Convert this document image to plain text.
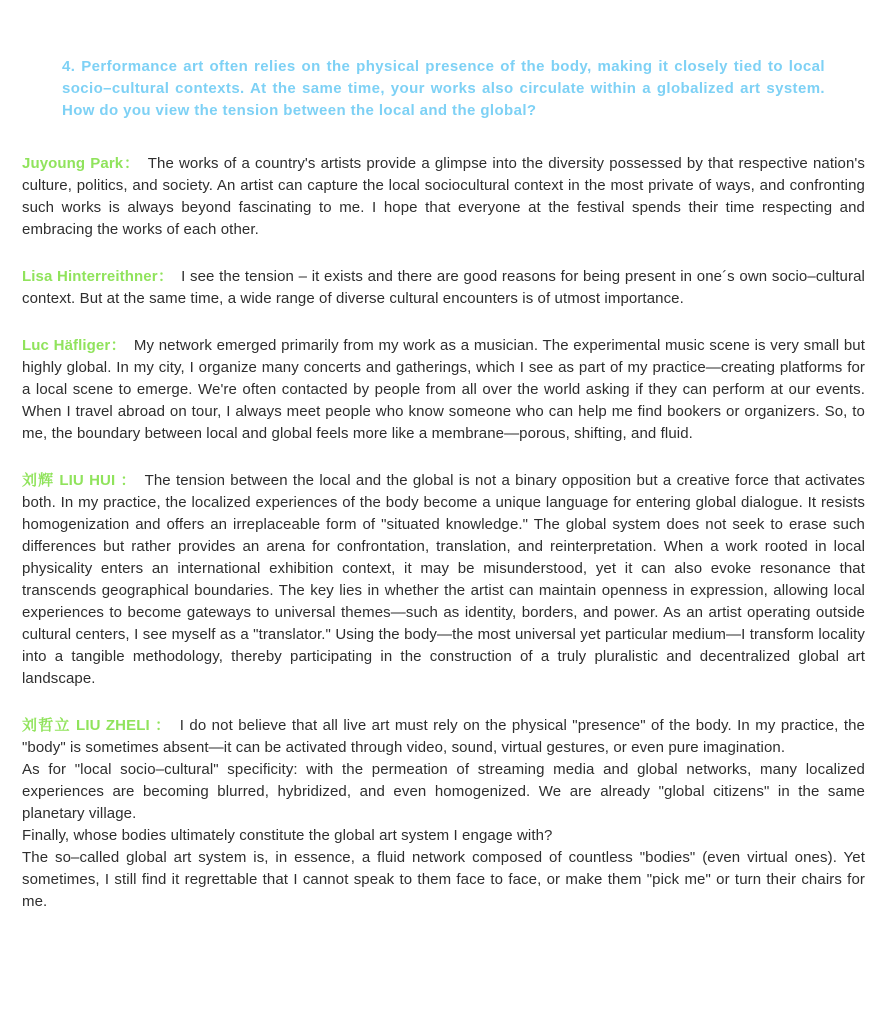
4. Performance art often relies on the physical presence of the body, making it closely tied to local socio–cultural contexts. At the same time, your works also circulate within a globalized art system. How do you view the tension between the local and the global?

Juyoung Park： The works of a country's artists provide a glimpse into the diversity possessed by that respective nation's culture, politics, and society. An artist can capture the local sociocultural context in the most private of ways, and confronting such works is always beyond fascinating to me. I hope that everyone at the festival spends their time respecting and embracing the works of each other.

Lisa Hinterreithner： I see the tension – it exists and there are good reasons for being present in one´s own socio–cultural context. But at the same time, a wide range of diverse cultural encounters is of utmost importance.

Luc Häfliger： My network emerged primarily from my work as a musician. The experimental music scene is very small but highly global. In my city, I organize many concerts and gatherings, which I see as part of my practice—creating platforms for a local scene to emerge. We're often contacted by people from all over the world asking if they can perform at our events. When I travel abroad on tour, I always meet people who know someone who can help me find bookers or organizers. So, to me, the boundary between local and global feels more like a membrane—porous, shifting, and fluid.

刘辉 LIU HUI ： The tension between the local and the global is not a binary opposition but a creative force that activates both. In my practice, the localized experiences of the body become a unique language for entering global dialogue. It resists homogenization and offers an irreplaceable form of "situated knowledge." The global system does not seek to erase such differences but rather provides an arena for confrontation, translation, and reinterpretation. When a work rooted in local physicality enters an international exhibition context, it may be misunderstood, yet it can also evoke resonance that transcends geographical boundaries. The key lies in whether the artist can maintain openness in expression, allowing local experiences to become gateways to universal themes—such as identity, borders, and power. As an artist operating outside cultural centers, I see myself as a "translator." Using the body—the most universal yet particular medium—I transform locality into a tangible methodology, thereby participating in the construction of a truly pluralistic and decentralized global art landscape.

刘哲立 LIU ZHELI ： I do not believe that all live art must rely on the physical "presence" of the body. In my practice, the "body" is sometimes absent—it can be activated through video, sound, virtual gestures, or even pure imagination.

As for "local socio–cultural" specificity: with the permeation of streaming media and global networks, many localized experiences are becoming blurred, hybridized, and even homogenized. We are already "global citizens" in the same planetary village.

Finally, whose bodies ultimately constitute the global art system I engage with?

The so–called global art system is, in essence, a fluid network composed of countless "bodies" (even virtual ones). Yet sometimes, I still find it regrettable that I cannot speak to them face to face, or make them "pick me" or turn their chairs for me.
